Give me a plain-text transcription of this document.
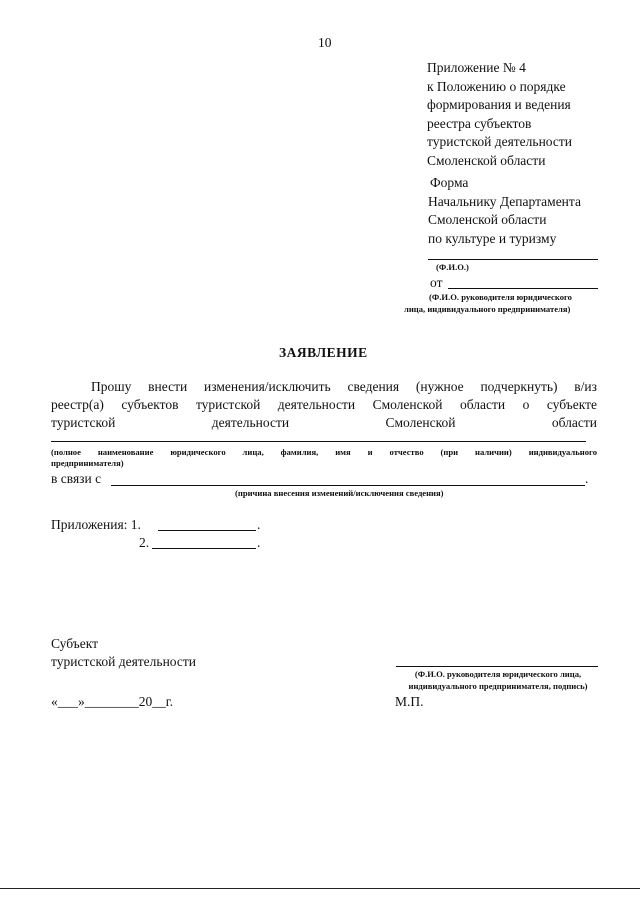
10
Приложение № 4
к Положению о порядке
формирования и ведения
реестра субъектов
туристской деятельности
Смоленской области
Форма
Начальнику Департамента
Смоленской области
по культуре и туризму
(Ф.И.О.)
от
(Ф.И.О. руководителя юридического
лица, индивидуального предпринимателя)
ЗАЯВЛЕНИЕ
Прошу внести изменения/исключить сведения (нужное подчеркнуть) в/из
реестр(а) субъектов туристской деятельности Смоленской области о субъекте
туристской деятельности Смоленской области
(полное наименование юридического лица, фамилия, имя и отчество (при наличии) индивидуального
предпринимателя)
в связи с	.
(причина внесения изменений/исключения сведения)
Приложения: 1.	.
2.	.
Субъект
туристской деятельности
(Ф.И.О. руководителя юридического лица,
индивидуального предпринимателя, подпись)
«___»________20__г.	М.П.
